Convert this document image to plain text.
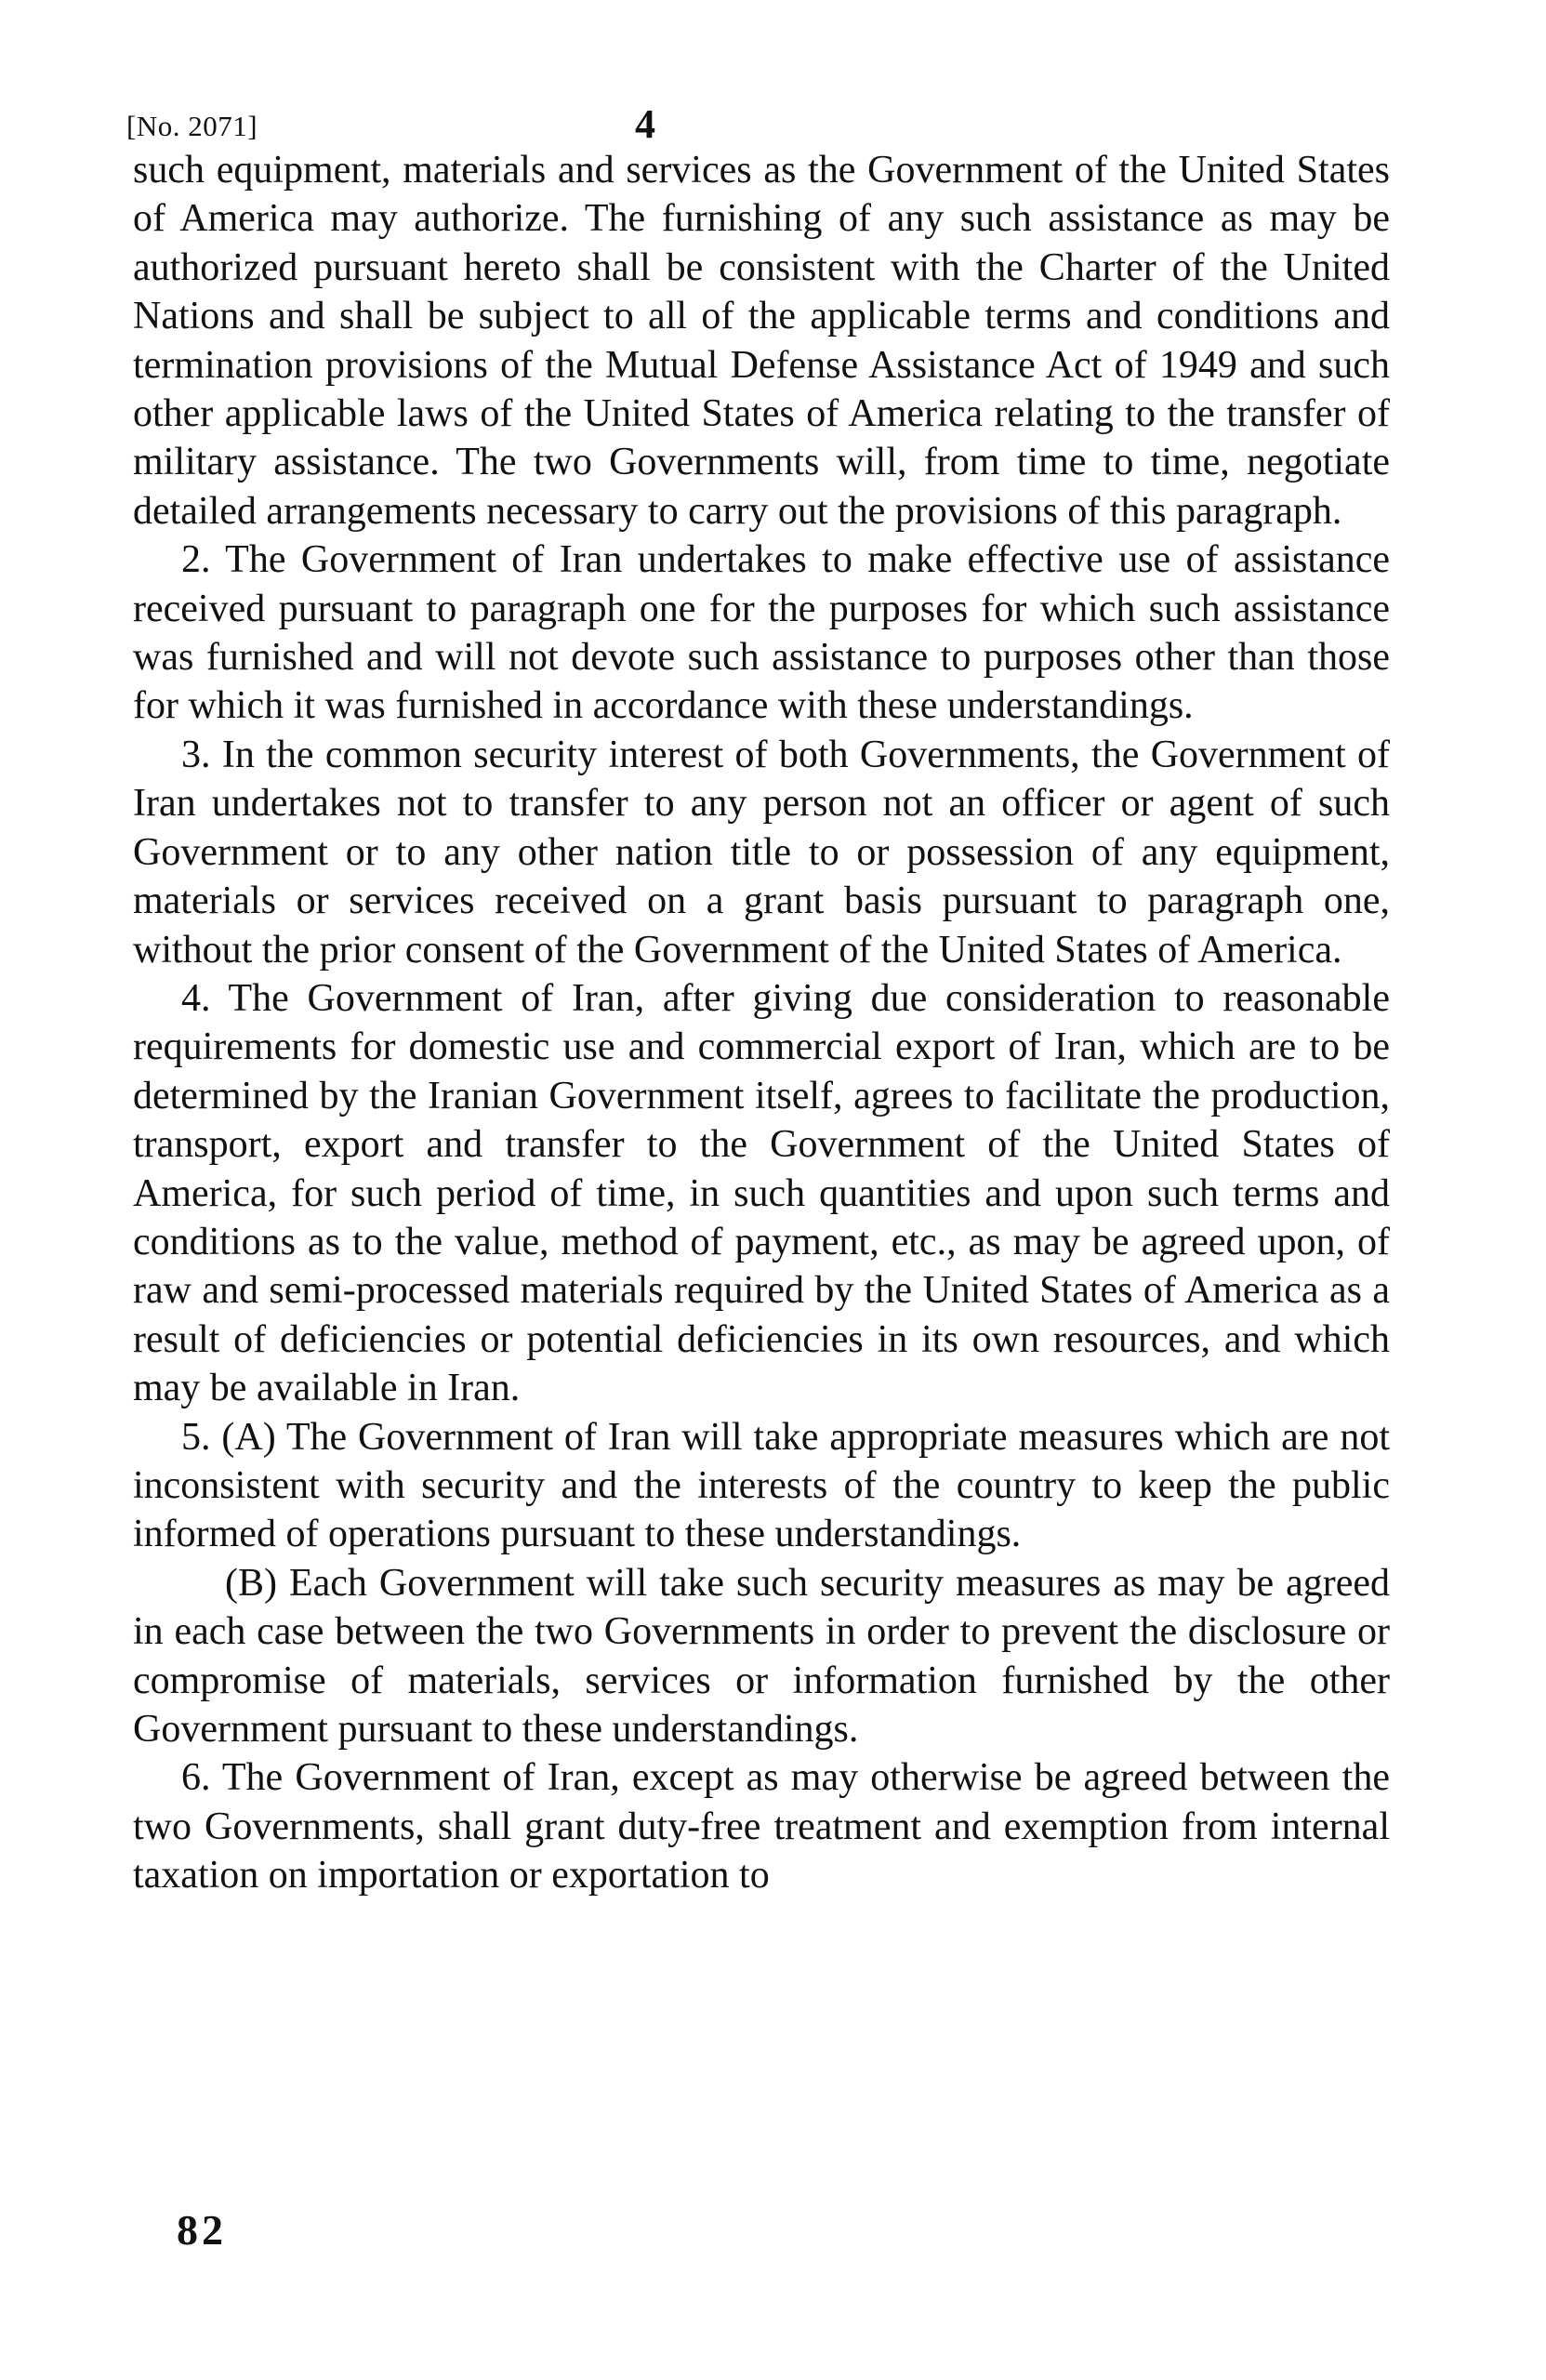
[No. 2071]	4

such equipment, materials and services as the Government of the United States of America may authorize. The furnishing of any such assistance as may be authorized pursuant hereto shall be consistent with the Charter of the United Nations and shall be subject to all of the applicable terms and conditions and termination provisions of the Mutual Defense Assistance Act of 1949 and such other applicable laws of the United States of America relating to the transfer of military assistance. The two Governments will, from time to time, negotiate detailed arrangements necessary to carry out the provisions of this paragraph.

2. The Government of Iran undertakes to make effective use of assistance received pursuant to paragraph one for the purposes for which such assistance was furnished and will not devote such assistance to purposes other than those for which it was furnished in accordance with these understandings.

3. In the common security interest of both Governments, the Government of Iran undertakes not to transfer to any person not an officer or agent of such Government or to any other nation title to or possession of any equipment, materials or services received on a grant basis pursuant to paragraph one, without the prior consent of the Government of the United States of America.

4. The Government of Iran, after giving due consideration to reasonable requirements for domestic use and commercial export of Iran, which are to be determined by the Iranian Government itself, agrees to facilitate the production, transport, export and transfer to the Government of the United States of America, for such period of time, in such quantities and upon such terms and conditions as to the value, method of payment, etc., as may be agreed upon, of raw and semi-processed materials required by the United States of America as a result of deficiencies or potential deficiencies in its own resources, and which may be available in Iran.

5. (A) The Government of Iran will take appropriate measures which are not inconsistent with security and the interests of the country to keep the public informed of operations pursuant to these understandings.

(B) Each Government will take such security measures as may be agreed in each case between the two Governments in order to prevent the disclosure or compromise of materials, services or information furnished by the other Government pursuant to these understandings.

6. The Government of Iran, except as may otherwise be agreed between the two Governments, shall grant duty-free treatment and exemption from internal taxation on importation or exportation to

82
